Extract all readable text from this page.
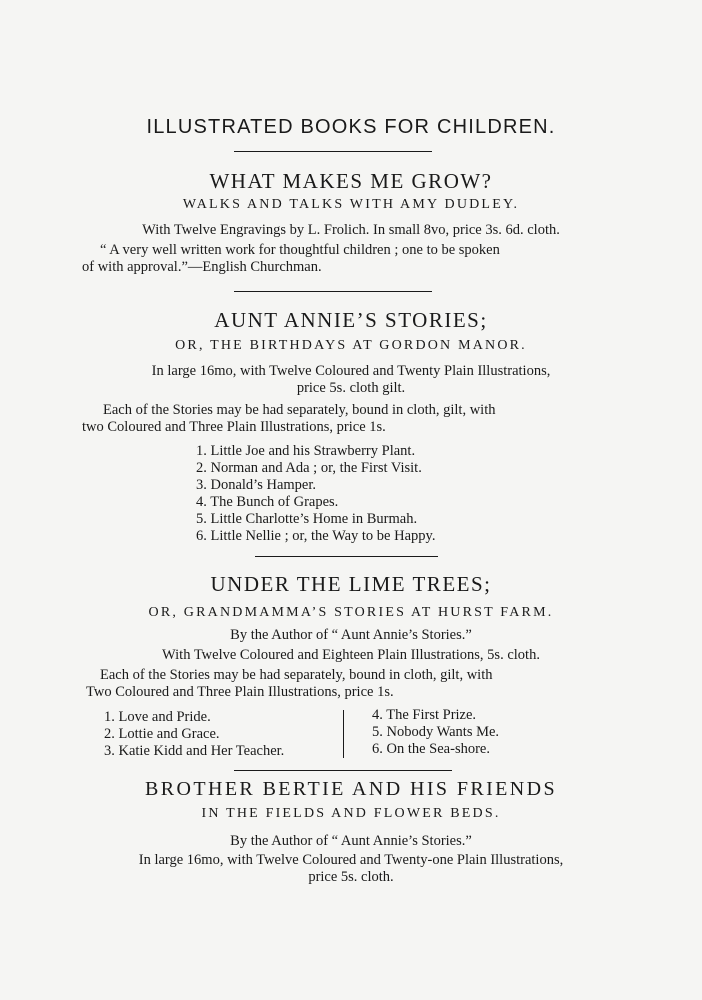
ILLUSTRATED BOOKS FOR CHILDREN.
WHAT MAKES ME GROW?
WALKS AND TALKS WITH AMY DUDLEY.
With Twelve Engravings by L. Frolich. In small 8vo, price 3s. 6d. cloth.
“ A very well written work for thoughtful children ; one to be spoken
of with approval.”—English Churchman.
AUNT ANNIE’S STORIES;
OR, THE BIRTHDAYS AT GORDON MANOR.
In large 16mo, with Twelve Coloured and Twenty Plain Illustrations,
price 5s. cloth gilt.
Each of the Stories may be had separately, bound in cloth, gilt, with
two Coloured and Three Plain Illustrations, price 1s.
1. Little Joe and his Strawberry Plant.
2. Norman and Ada ; or, the First Visit.
3. Donald’s Hamper.
4. The Bunch of Grapes.
5. Little Charlotte’s Home in Burmah.
6. Little Nellie ; or, the Way to be Happy.
UNDER THE LIME TREES;
OR, GRANDMAMMA’S STORIES AT HURST FARM.
By the Author of “ Aunt Annie’s Stories.”
With Twelve Coloured and Eighteen Plain Illustrations, 5s. cloth.
Each of the Stories may be had separately, bound in cloth, gilt, with
Two Coloured and Three Plain Illustrations, price 1s.
1. Love and Pride.
2. Lottie and Grace.
3. Katie Kidd and Her Teacher.
4. The First Prize.
5. Nobody Wants Me.
6. On the Sea-shore.
BROTHER BERTIE AND HIS FRIENDS
IN THE FIELDS AND FLOWER BEDS.
By the Author of “ Aunt Annie’s Stories.”
In large 16mo, with Twelve Coloured and Twenty-one Plain Illustrations,
price 5s. cloth.
